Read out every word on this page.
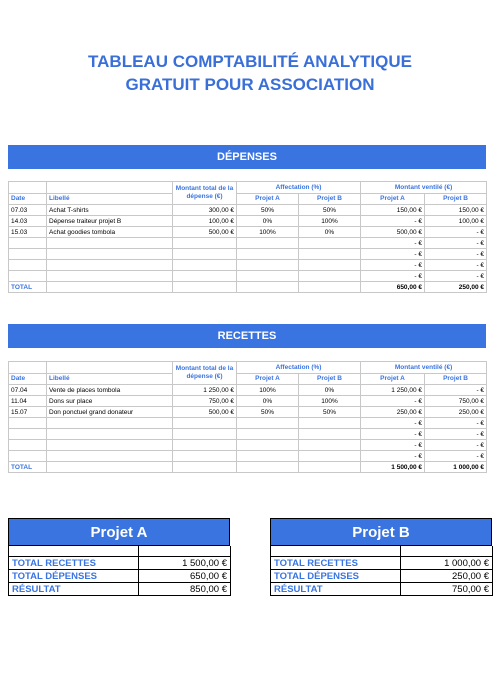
TABLEAU COMPTABILITÉ ANALYTIQUE
GRATUIT POUR ASSOCIATION
DÉPENSES
		Montant total de la dépense (€)	Affectation (%)		Montant ventilé (€)	
Date	Libellé		Projet A	Projet B	Projet A	Projet B
07.03	Achat T-shirts	300,00 €	50%	50%	150,00 €	150,00 €
14.03	Dépense traiteur projet B	100,00 €	0%	100%	- €	100,00 €
15.03	Achat goodies tombola	500,00 €	100%	0%	500,00 €	- €
					- €	- €
					- €	- €
					- €	- €
					- €	- €
TOTAL					650,00 €	250,00 €
RECETTES
		Montant total de la dépense (€)	Affectation (%)		Montant ventilé (€)	
Date	Libellé		Projet A	Projet B	Projet A	Projet B
07.04	Vente de places tombola	1 250,00 €	100%	0%	1 250,00 €	- €
11.04	Dons sur place	750,00 €	0%	100%	- €	750,00 €
15.07	Don ponctuel grand donateur	500,00 €	50%	50%	250,00 €	250,00 €
					- €	- €
					- €	- €
					- €	- €
					- €	- €
TOTAL					1 500,00 €	1 000,00 €
Projet A

TOTAL RECETTES	1 500,00 €
TOTAL DÉPENSES	650,00 €
RÉSULTAT	850,00 €
Projet B

TOTAL RECETTES	1 000,00 €
TOTAL DÉPENSES	250,00 €
RÉSULTAT	750,00 €
